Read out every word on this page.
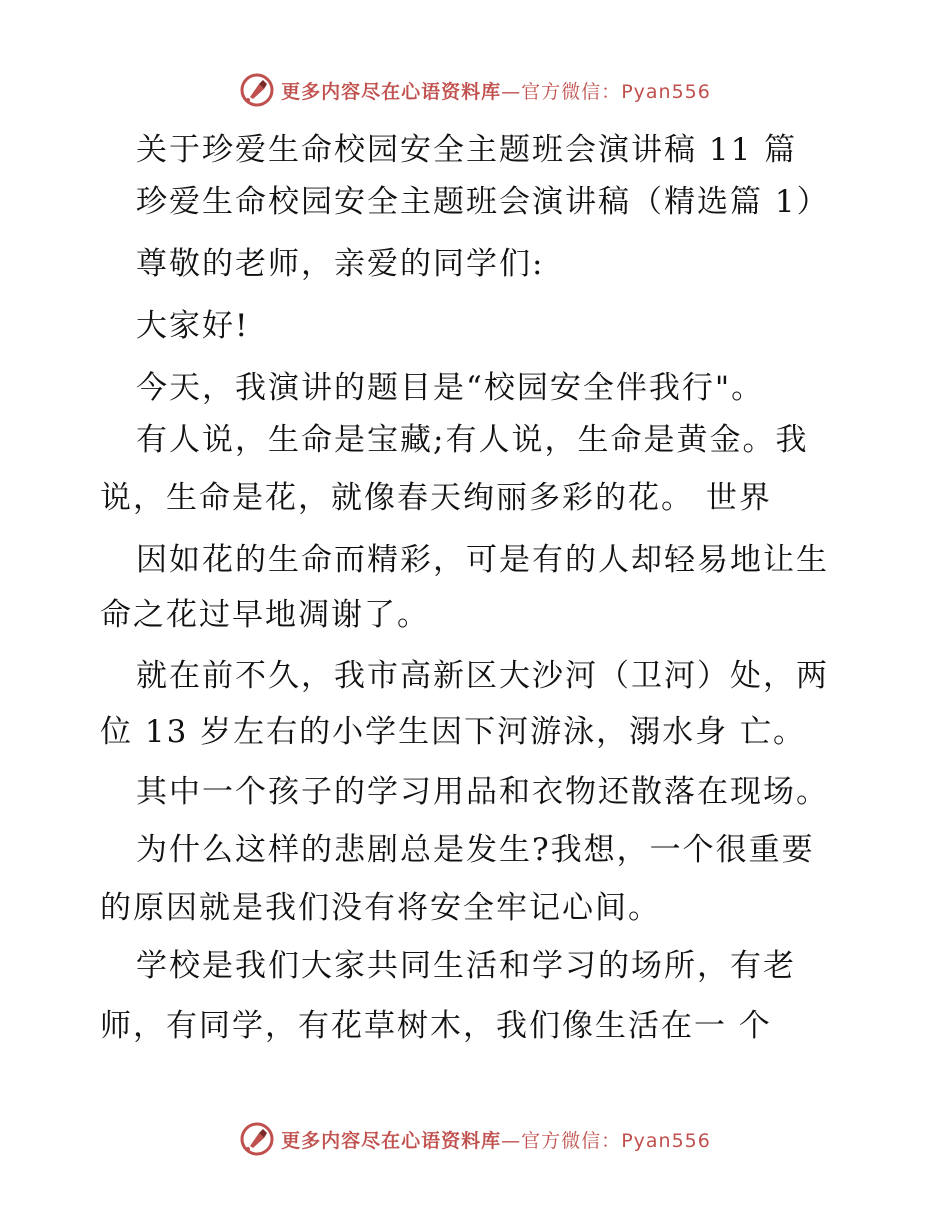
更多内容尽在心语资料库—官方微信：Pyan556
关于珍爱生命校园安全主题班会演讲稿 11 篇
珍爱生命校园安全主题班会演讲稿（精选篇 1）
尊敬的老师，亲爱的同学们:
大家好!
今天，我演讲的题目是“校园安全伴我行"。
有人说，生命是宝藏;有人说，生命是黄金。我
说，生命是花，就像春天绚丽多彩的花。 世界
因如花的生命而精彩，可是有的人却轻易地让生
命之花过早地凋谢了。
就在前不久，我市高新区大沙河（卫河）处，两
位 13 岁左右的小学生因下河游泳，溺水身 亡。
其中一个孩子的学习用品和衣物还散落在现场。
为什么这样的悲剧总是发生?我想，一个很重要
的原因就是我们没有将安全牢记心间。
学校是我们大家共同生活和学习的场所，有老
师，有同学，有花草树木，我们像生活在一 个
更多内容尽在心语资料库—官方微信：Pyan556
